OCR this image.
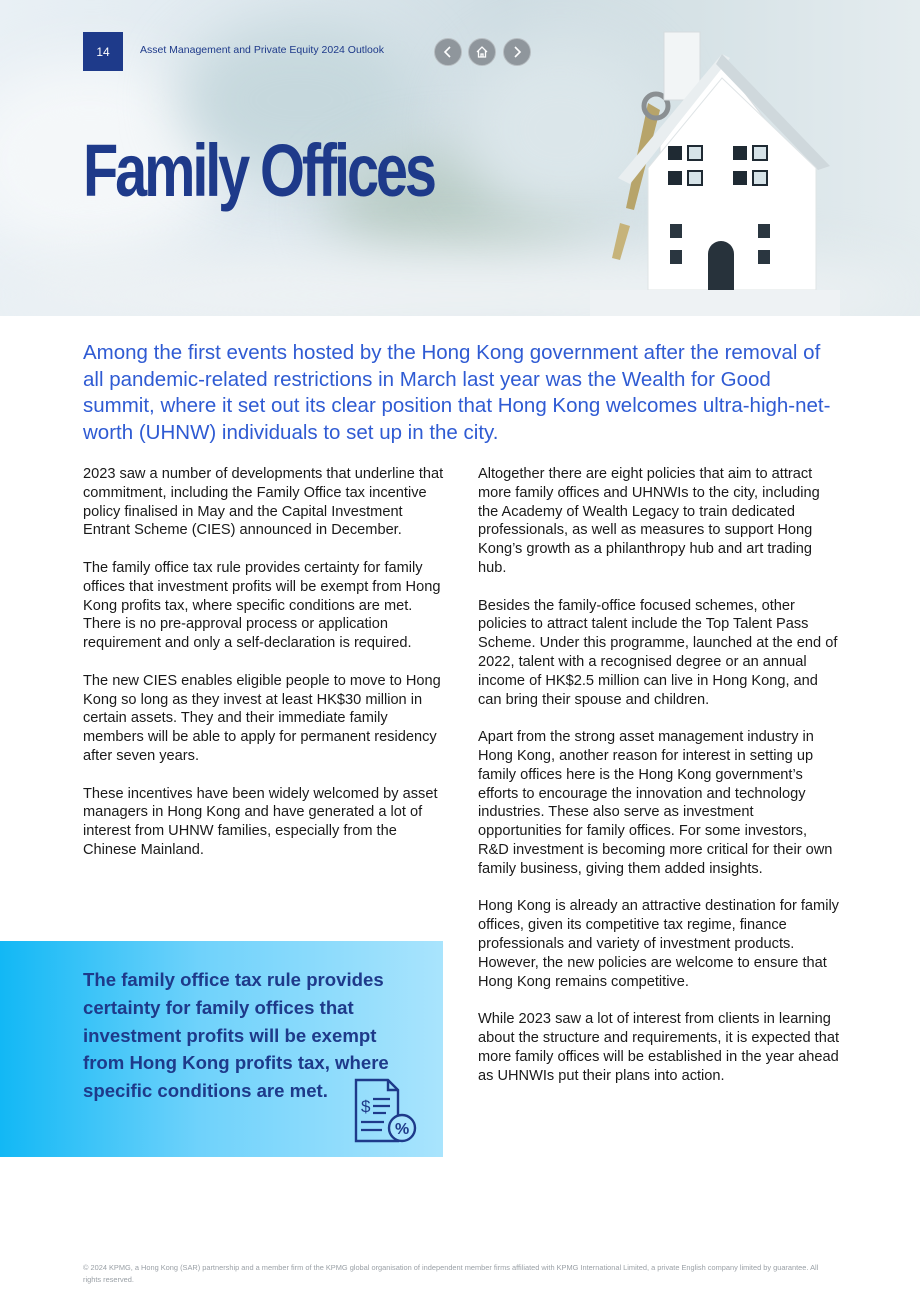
14	Asset Management and Private Equity 2024 Outlook
Family Offices

Among the first events hosted by the Hong Kong government after the removal of all pandemic-related restrictions in March last year was the Wealth for Good summit, where it set out its clear position that Hong Kong welcomes ultra-high-net-worth (UHNW) individuals to set up in the city.

2023 saw a number of developments that underline that commitment, including the Family Office tax incentive policy finalised in May and the Capital Investment Entrant Scheme (CIES) announced in December.

The family office tax rule provides certainty for family offices that investment profits will be exempt from Hong Kong profits tax, where specific conditions are met. There is no pre-approval process or application requirement and only a self-declaration is required.

The new CIES enables eligible people to move to Hong Kong so long as they invest at least HK$30 million in certain assets. They and their immediate family members will be able to apply for permanent residency after seven years.

These incentives have been widely welcomed by asset managers in Hong Kong and have generated a lot of interest from UHNW families, especially from the Chinese Mainland.

Altogether there are eight policies that aim to attract more family offices and UHNWIs to the city, including the Academy of Wealth Legacy to train dedicated professionals, as well as measures to support Hong Kong’s growth as a philanthropy hub and art trading hub.

Besides the family-office focused schemes, other policies to attract talent include the Top Talent Pass Scheme. Under this programme, launched at the end of 2022, talent with a recognised degree or an annual income of HK$2.5 million can live in Hong Kong, and can bring their spouse and children.

Apart from the strong asset management industry in Hong Kong, another reason for interest in setting up family offices here is the Hong Kong government’s efforts to encourage the innovation and technology industries. These also serve as investment opportunities for family offices. For some investors, R&D investment is becoming more critical for their own family business, giving them added insights.

Hong Kong is already an attractive destination for family offices, given its competitive tax regime, finance professionals and variety of investment products. However, the new policies are welcome to ensure that Hong Kong remains competitive.

While 2023 saw a lot of interest from clients in learning about the structure and requirements, it is expected that more family offices will be established in the year ahead as UHNWIs put their plans into action.

The family office tax rule provides certainty for family offices that investment profits will be exempt from Hong Kong profits tax, where specific conditions are met.

$
%
© 2024 KPMG, a Hong Kong (SAR) partnership and a member firm of the KPMG global organisation of independent member firms affiliated with KPMG International Limited, a private English company limited by guarantee. All rights reserved.
